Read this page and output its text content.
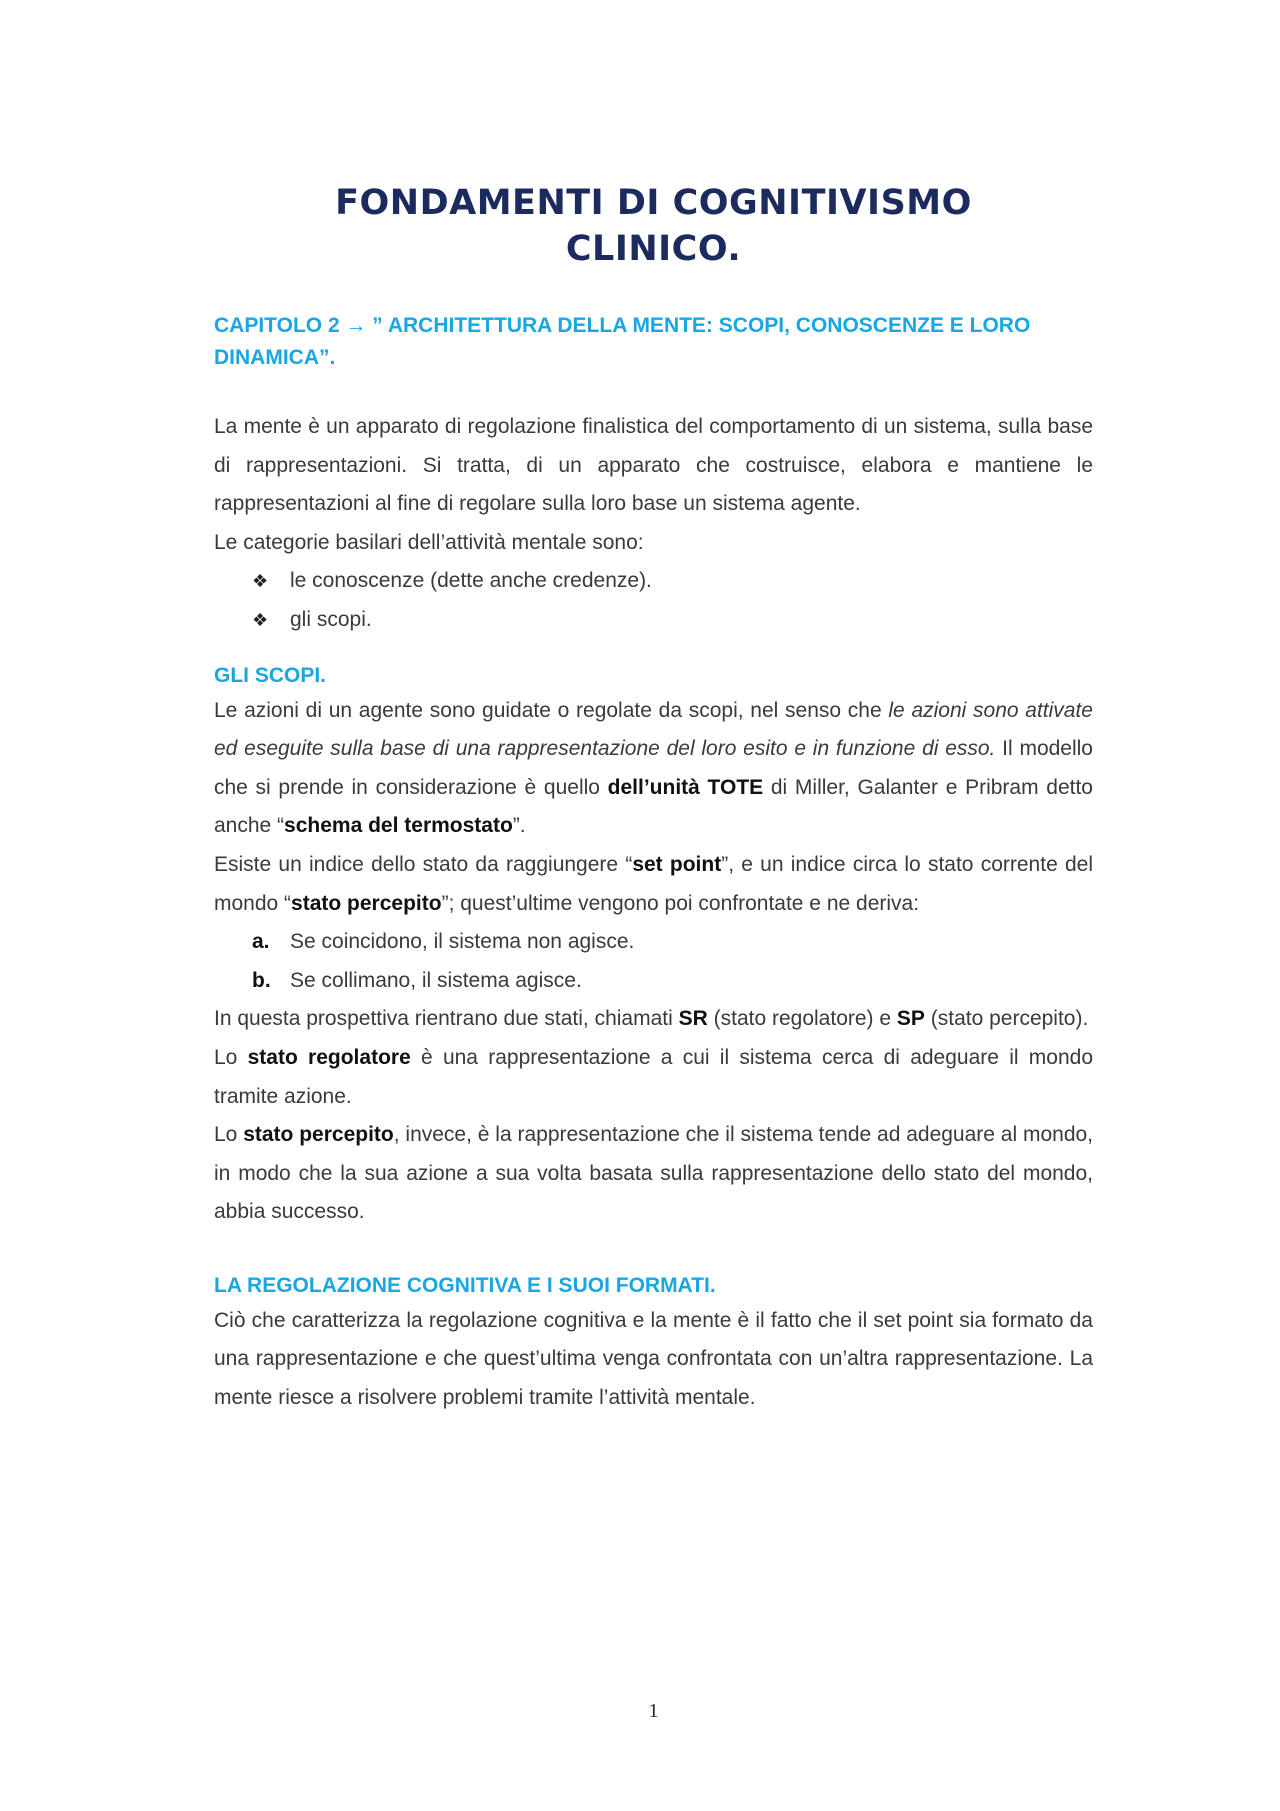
FONDAMENTI DI COGNITIVISMO
CLINICO.
CAPITOLO 2 → ” ARCHITETTURA DELLA MENTE: SCOPI, CONOSCENZE E LORO DINAMICA”.

La mente è un apparato di regolazione finalistica del comportamento di un sistema, sulla base di rappresentazioni. Si tratta, di un apparato che costruisce, elabora e mantiene le rappresentazioni al fine di regolare sulla loro base un sistema agente.

Le categorie basilari dell’attività mentale sono:

❖	le conoscenze (dette anche credenze).
❖	gli scopi.
GLI SCOPI.

Le azioni di un agente sono guidate o regolate da scopi, nel senso che le azioni sono attivate ed eseguite sulla base di una rappresentazione del loro esito e in funzione di esso. Il modello che si prende in considerazione è quello dell’unità TOTE di Miller, Galanter e Pribram detto anche “schema del termostato”.

Esiste un indice dello stato da raggiungere “set point”, e un indice circa lo stato corrente del mondo “stato percepito”; quest’ultime vengono poi confrontate e ne deriva:

a. Se coincidono, il sistema non agisce.
b. Se collimano, il sistema agisce.

In questa prospettiva rientrano due stati, chiamati SR (stato regolatore) e SP (stato percepito).

Lo stato regolatore è una rappresentazione a cui il sistema cerca di adeguare il mondo tramite azione.

Lo stato percepito, invece, è la rappresentazione che il sistema tende ad adeguare al mondo, in modo che la sua azione a sua volta basata sulla rappresentazione dello stato del mondo, abbia successo.

LA REGOLAZIONE COGNITIVA E I SUOI FORMATI.

Ciò che caratterizza la regolazione cognitiva e la mente è il fatto che il set point sia formato da una rappresentazione e che quest’ultima venga confrontata con un’altra rappresentazione. La mente riesce a risolvere problemi tramite l’attività mentale.

1
